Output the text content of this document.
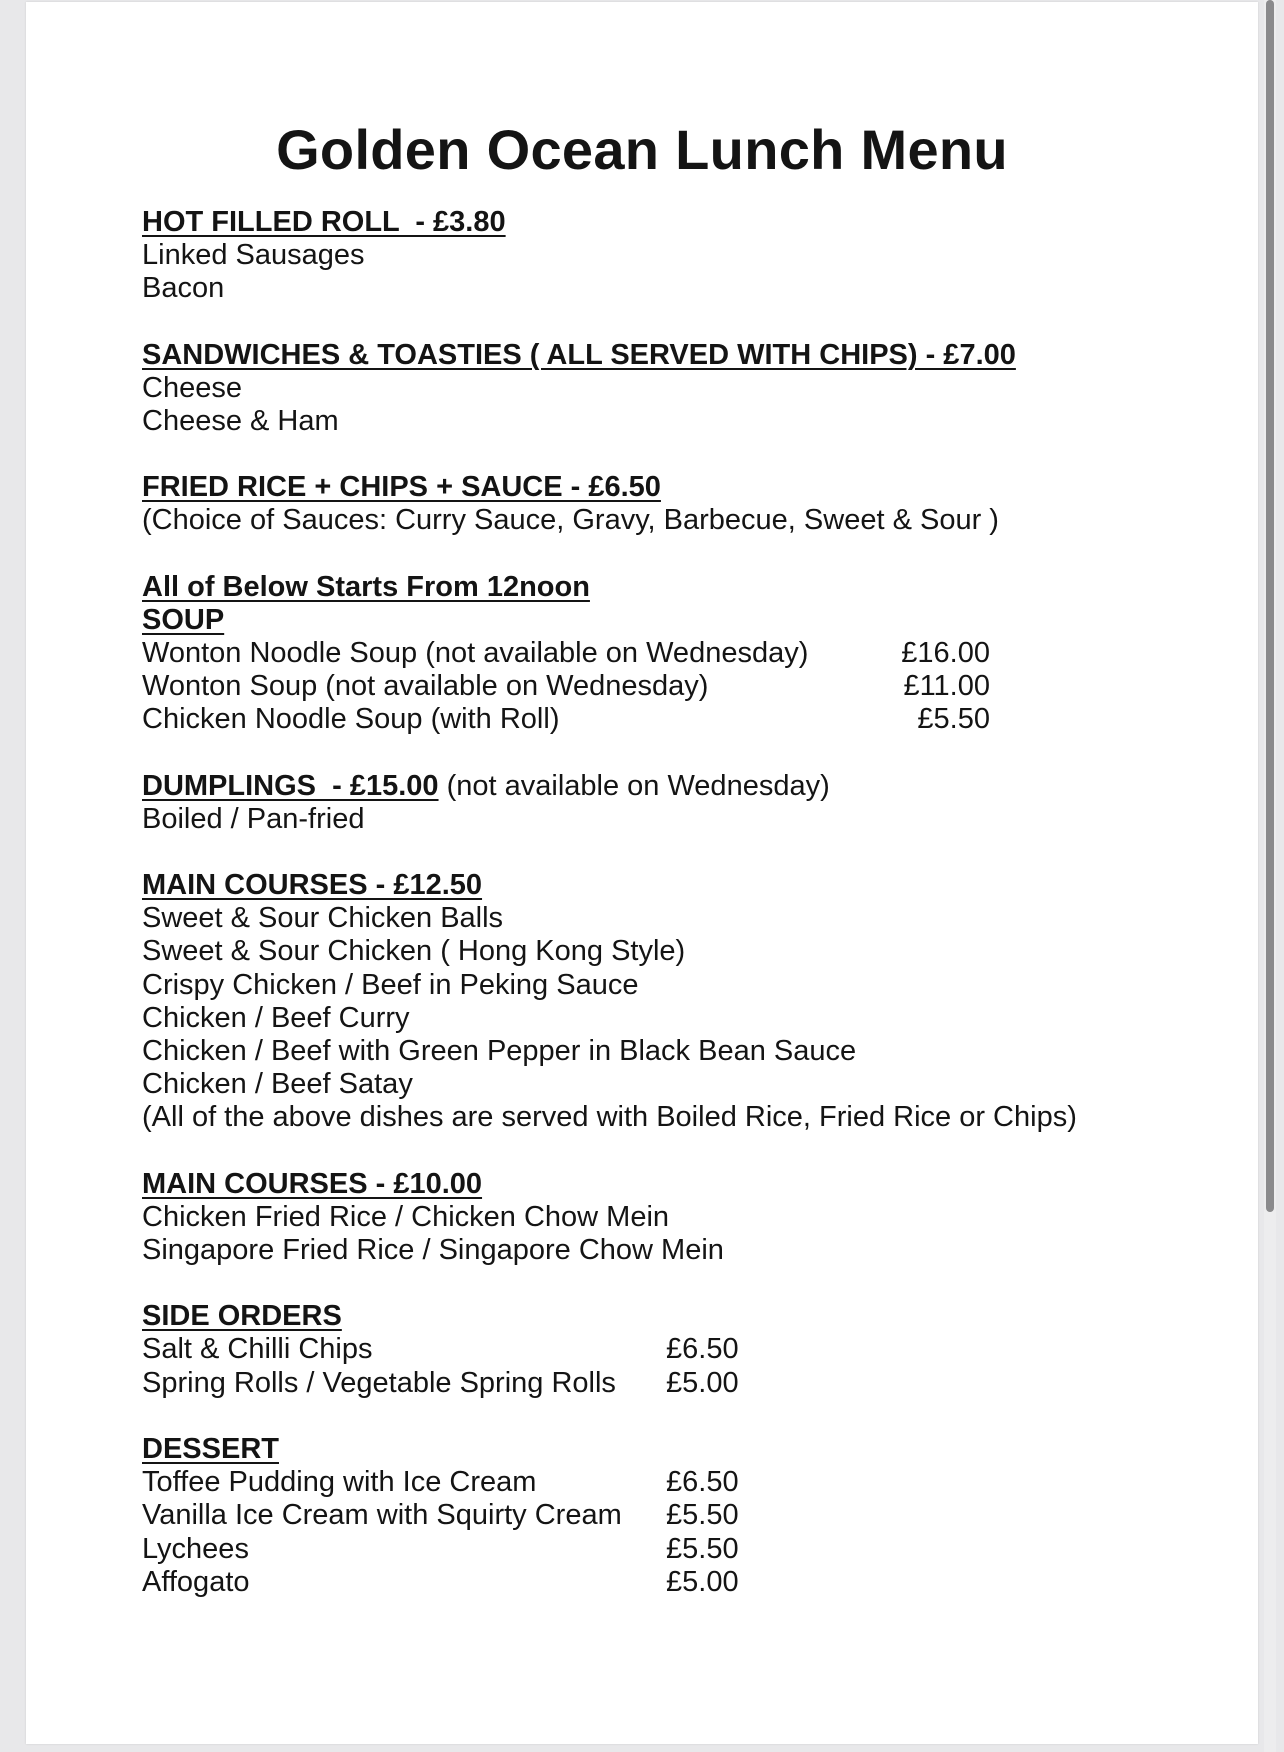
Golden Ocean Lunch Menu
HOT FILLED ROLL  - £3.80
Linked Sausages
Bacon
SANDWICHES & TOASTIES ( ALL SERVED WITH CHIPS) - £7.00
Cheese
Cheese & Ham
FRIED RICE + CHIPS + SAUCE - £6.50
(Choice of Sauces: Curry Sauce, Gravy, Barbecue, Sweet & Sour )
All of Below Starts From 12noon
SOUP
Wonton Noodle Soup (not available on Wednesday)	£16.00
Wonton Soup (not available on Wednesday)	£11.00
Chicken Noodle Soup (with Roll)	£5.50
DUMPLINGS  - £15.00 (not available on Wednesday)
Boiled / Pan-fried
MAIN COURSES - £12.50
Sweet & Sour Chicken Balls
Sweet & Sour Chicken ( Hong Kong Style)
Crispy Chicken / Beef in Peking Sauce
Chicken / Beef Curry
Chicken / Beef with Green Pepper in Black Bean Sauce
Chicken / Beef Satay
(All of the above dishes are served with Boiled Rice, Fried Rice or Chips)
MAIN COURSES - £10.00
Chicken Fried Rice / Chicken Chow Mein
Singapore Fried Rice / Singapore Chow Mein
SIDE ORDERS
Salt & Chilli Chips	£6.50
Spring Rolls / Vegetable Spring Rolls	£5.00
DESSERT
Toffee Pudding with Ice Cream	£6.50
Vanilla Ice Cream with Squirty Cream	£5.50
Lychees	£5.50
Affogato	£5.00
